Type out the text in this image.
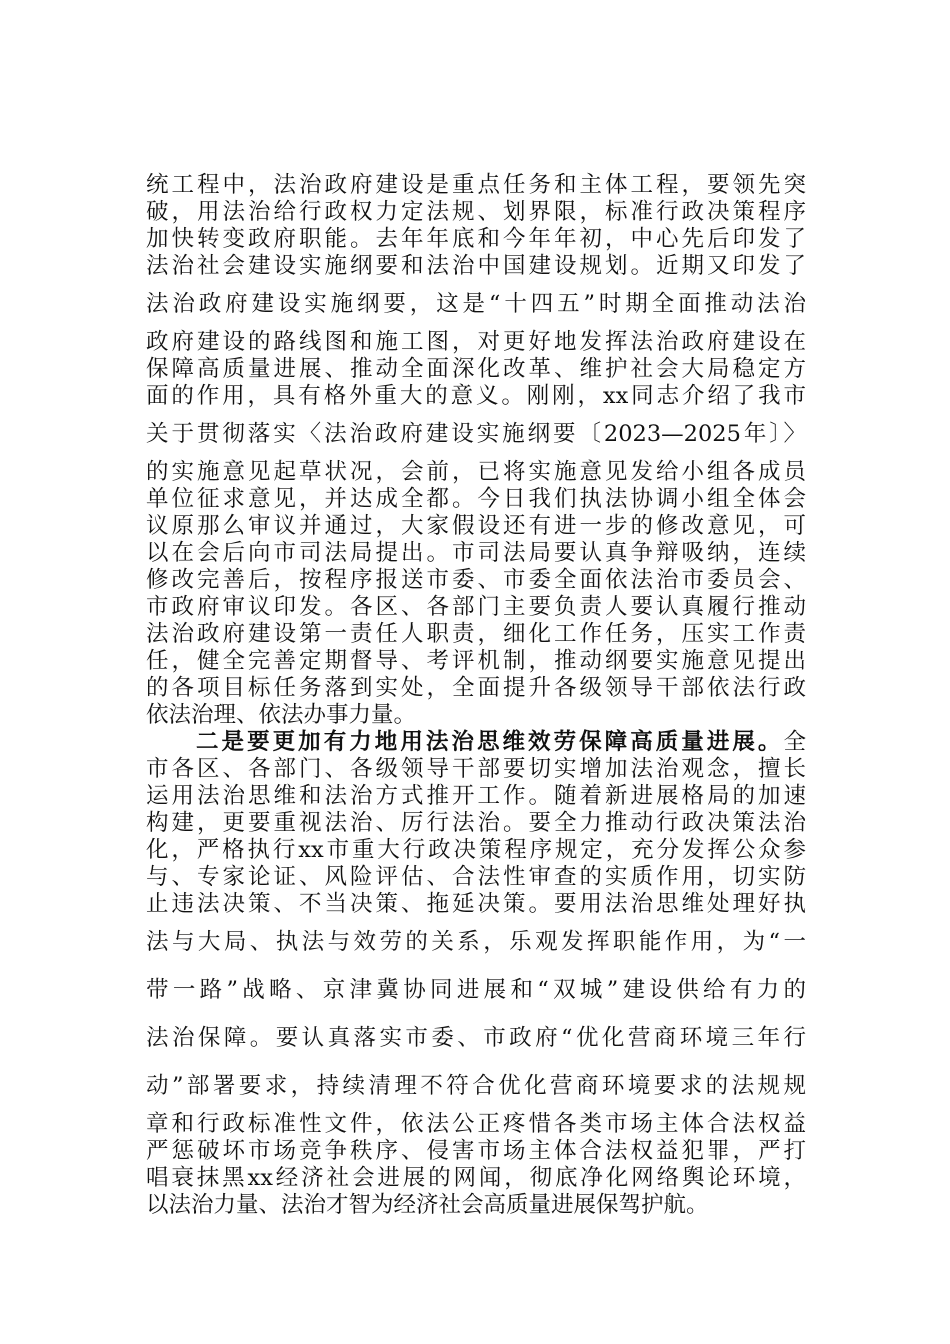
统工程中，法治政府建设是重点任务和主体工程，要领先突
破，用法治给行政权力定法规、划界限，标准行政决策程序
加快转变政府职能。去年年底和今年年初，中心先后印发了
法治社会建设实施纲要和法治中国建设规划。近期又印发了
法治政府建设实施纲要，这是“十四五”时期全面推动法治
政府建设的路线图和施工图，对更好地发挥法治政府建设在
保障高质量进展、推动全面深化改革、维护社会大局稳定方
面的作用，具有格外重大的意义。刚刚，xx同志介绍了我市
关于贯彻落实〈法治政府建设实施纲要〔2023—2025年〕〉
的实施意见起草状况，会前，已将实施意见发给小组各成员
单位征求意见，并达成全都。今日我们执法协调小组全体会
议原那么审议并通过，大家假设还有进一步的修改意见，可
以在会后向市司法局提出。市司法局要认真争辩吸纳，连续
修改完善后，按程序报送市委、市委全面依法治市委员会、
市政府审议印发。各区、各部门主要负责人要认真履行推动
法治政府建设第一责任人职责，细化工作任务，压实工作责
任，健全完善定期督导、考评机制，推动纲要实施意见提出
的各项目标任务落到实处，全面提升各级领导干部依法行政
依法治理、依法办事力量。
二是要更加有力地用法治思维效劳保障高质量进展。全
市各区、各部门、各级领导干部要切实增加法治观念，擅长
运用法治思维和法治方式推开工作。随着新进展格局的加速
构建，更要重视法治、厉行法治。要全力推动行政决策法治
化，严格执行xx市重大行政决策程序规定，充分发挥公众参
与、专家论证、风险评估、合法性审查的实质作用，切实防
止违法决策、不当决策、拖延决策。要用法治思维处理好执
法与大局、执法与效劳的关系，乐观发挥职能作用，为“一
带一路”战略、京津冀协同进展和“双城”建设供给有力的
法治保障。要认真落实市委、市政府“优化营商环境三年行
动”部署要求，持续清理不符合优化营商环境要求的法规规
章和行政标准性文件，依法公正疼惜各类市场主体合法权益
严惩破坏市场竞争秩序、侵害市场主体合法权益犯罪，严打
唱衰抹黑xx经济社会进展的网闻，彻底净化网络舆论环境，
以法治力量、法治才智为经济社会高质量进展保驾护航。
